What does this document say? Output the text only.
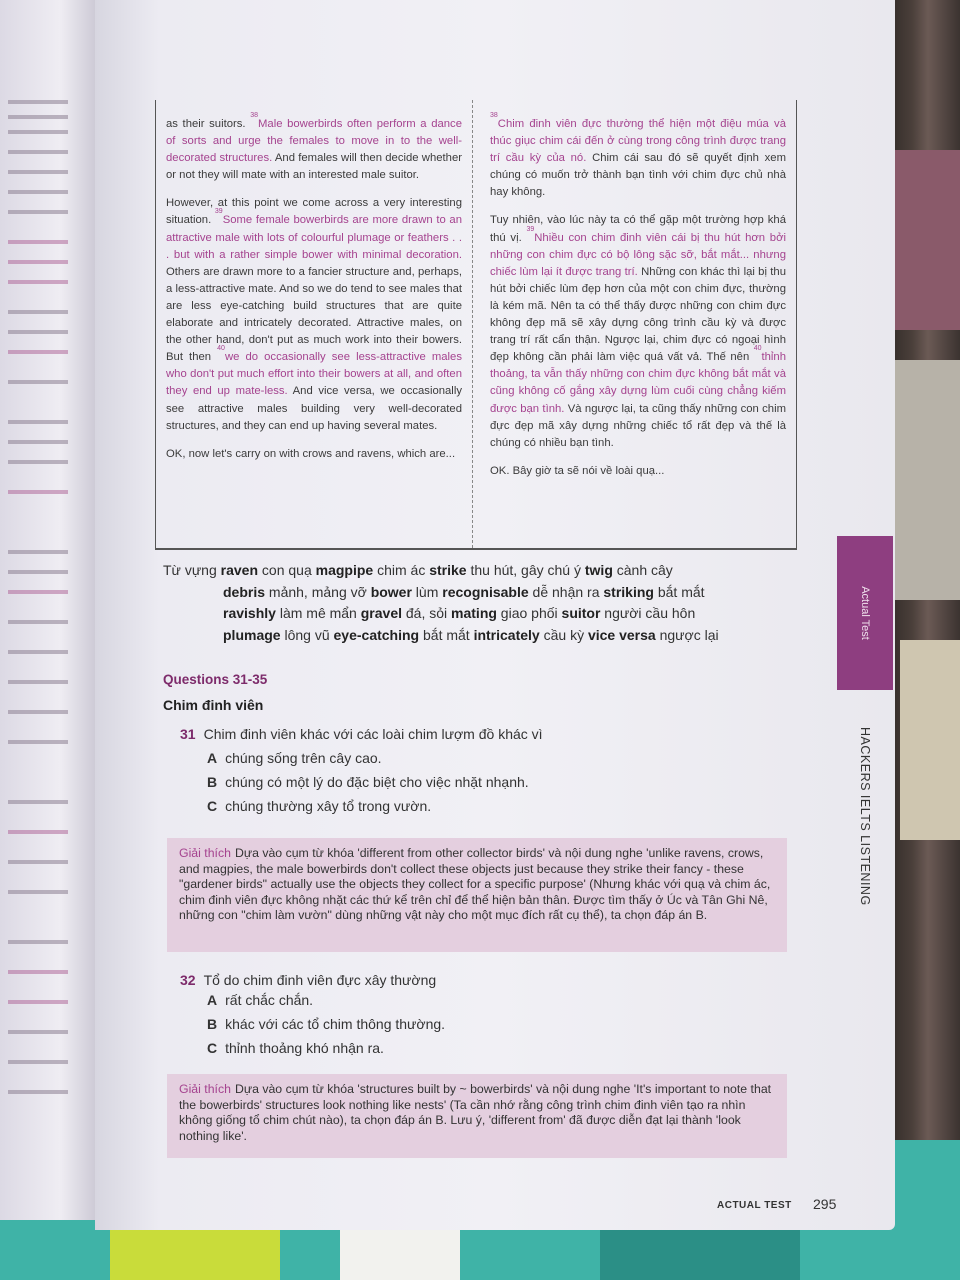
as their suitors. $^{38}$Male bowerbirds often perform a dance of sorts and urge the females to move in to the well-decorated structures. And females will then decide whether or not they will mate with an interested male suitor.

However, at this point we come across a very interesting situation. $^{39}$Some female bowerbirds are more drawn to an attractive male with lots of colourful plumage or feathers . . . but with a rather simple bower with minimal decoration. Others are drawn more to a fancier structure and, perhaps, a less-attractive mate. And so we do tend to see males that are less eye-catching build structures that are quite elaborate and intricately decorated. Attractive males, on the other hand, don't put as much work into their bowers. But then $^{40}$we do occasionally see less-attractive males who don't put much effort into their bowers at all, and often they end up mate-less. And vice versa, we occasionally see attractive males building very well-decorated structures, and they can end up having several mates.

OK, now let's carry on with crows and ravens, which are...

$^{38}$Chim đinh viên đực thường thể hiện một điệu múa và thúc giục chim cái đến ở cùng trong công trình được trang trí cầu kỳ của nó. Chim cái sau đó sẽ quyết định xem chúng có muốn trở thành bạn tình với chim đực chủ nhà hay không.

Tuy nhiên, vào lúc này ta có thể gặp một trường hợp khá thú vị. $^{39}$Nhiều con chim đinh viên cái bị thu hút hơn bởi những con chim đực có bộ lông sặc sỡ, bắt mắt... nhưng chiếc lùm lại ít được trang trí. Những con khác thì lại bị thu hút bởi chiếc lùm đẹp hơn của một con chim đực, thường là kém mã. Nên ta có thể thấy được những con chim đực không đẹp mã sẽ xây dựng công trình cầu kỳ và được trang trí rất cẩn thận. Ngược lại, chim đực có ngoại hình đẹp không cần phải làm việc quá vất vả. Thế nên $^{40}$thỉnh thoảng, ta vẫn thấy những con chim đực không bắt mắt và cũng không cố gắng xây dựng lùm cuối cùng chẳng kiếm được bạn tình. Và ngược lại, ta cũng thấy những con chim đực đẹp mã xây dựng những chiếc tổ rất đẹp và thế là chúng có nhiều bạn tình.

OK. Bây giờ ta sẽ nói về loài quạ...

Từ vựng raven con quạ magpipe chim ác strike thu hút, gây chú ý twig cành cây
debris mảnh, mảng vỡ bower lùm recognisable dễ nhận ra striking bắt mắt
ravishly làm mê mẩn gravel đá, sỏi mating giao phối suitor người cầu hôn
plumage lông vũ eye-catching bắt mắt intricately cầu kỳ vice versa ngược lại
Questions 31-35
Chim đinh viên
31 Chim đinh viên khác với các loài chim lượm đồ khác vì
A chúng sống trên cây cao.
B chúng có một lý do đặc biệt cho việc nhặt nhạnh.
C chúng thường xây tổ trong vườn.
Giải thích Dựa vào cụm từ khóa 'different from other collector birds' và nội dung nghe 'unlike ravens, crows, and magpies, the male bowerbirds don't collect these objects just because they strike their fancy - these "gardener birds" actually use the objects they collect for a specific purpose' (Nhưng khác với quạ và chim ác, chim đinh viên đực không nhặt các thứ kể trên chỉ để thể hiện bản thân. Được tìm thấy ở Úc và Tân Ghi Nê, những con "chim làm vườn" dùng những vật này cho một mục đích rất cụ thể), ta chọn đáp án B.
32 Tổ do chim đinh viên đực xây thường
A rất chắc chắn.
B khác với các tổ chim thông thường.
C thỉnh thoảng khó nhận ra.
Giải thích Dựa vào cụm từ khóa 'structures built by ~ bowerbirds' và nội dung nghe 'It's important to note that the bowerbirds' structures look nothing like nests' (Ta cần nhớ rằng công trình chim đinh viên tạo ra nhìn không giống tổ chim chút nào), ta chọn đáp án B. Lưu ý, 'different from' đã được diễn đạt lại thành 'look nothing like'.
Actual Test
HACKERS IELTS LISTENING
ACTUAL TEST 295
